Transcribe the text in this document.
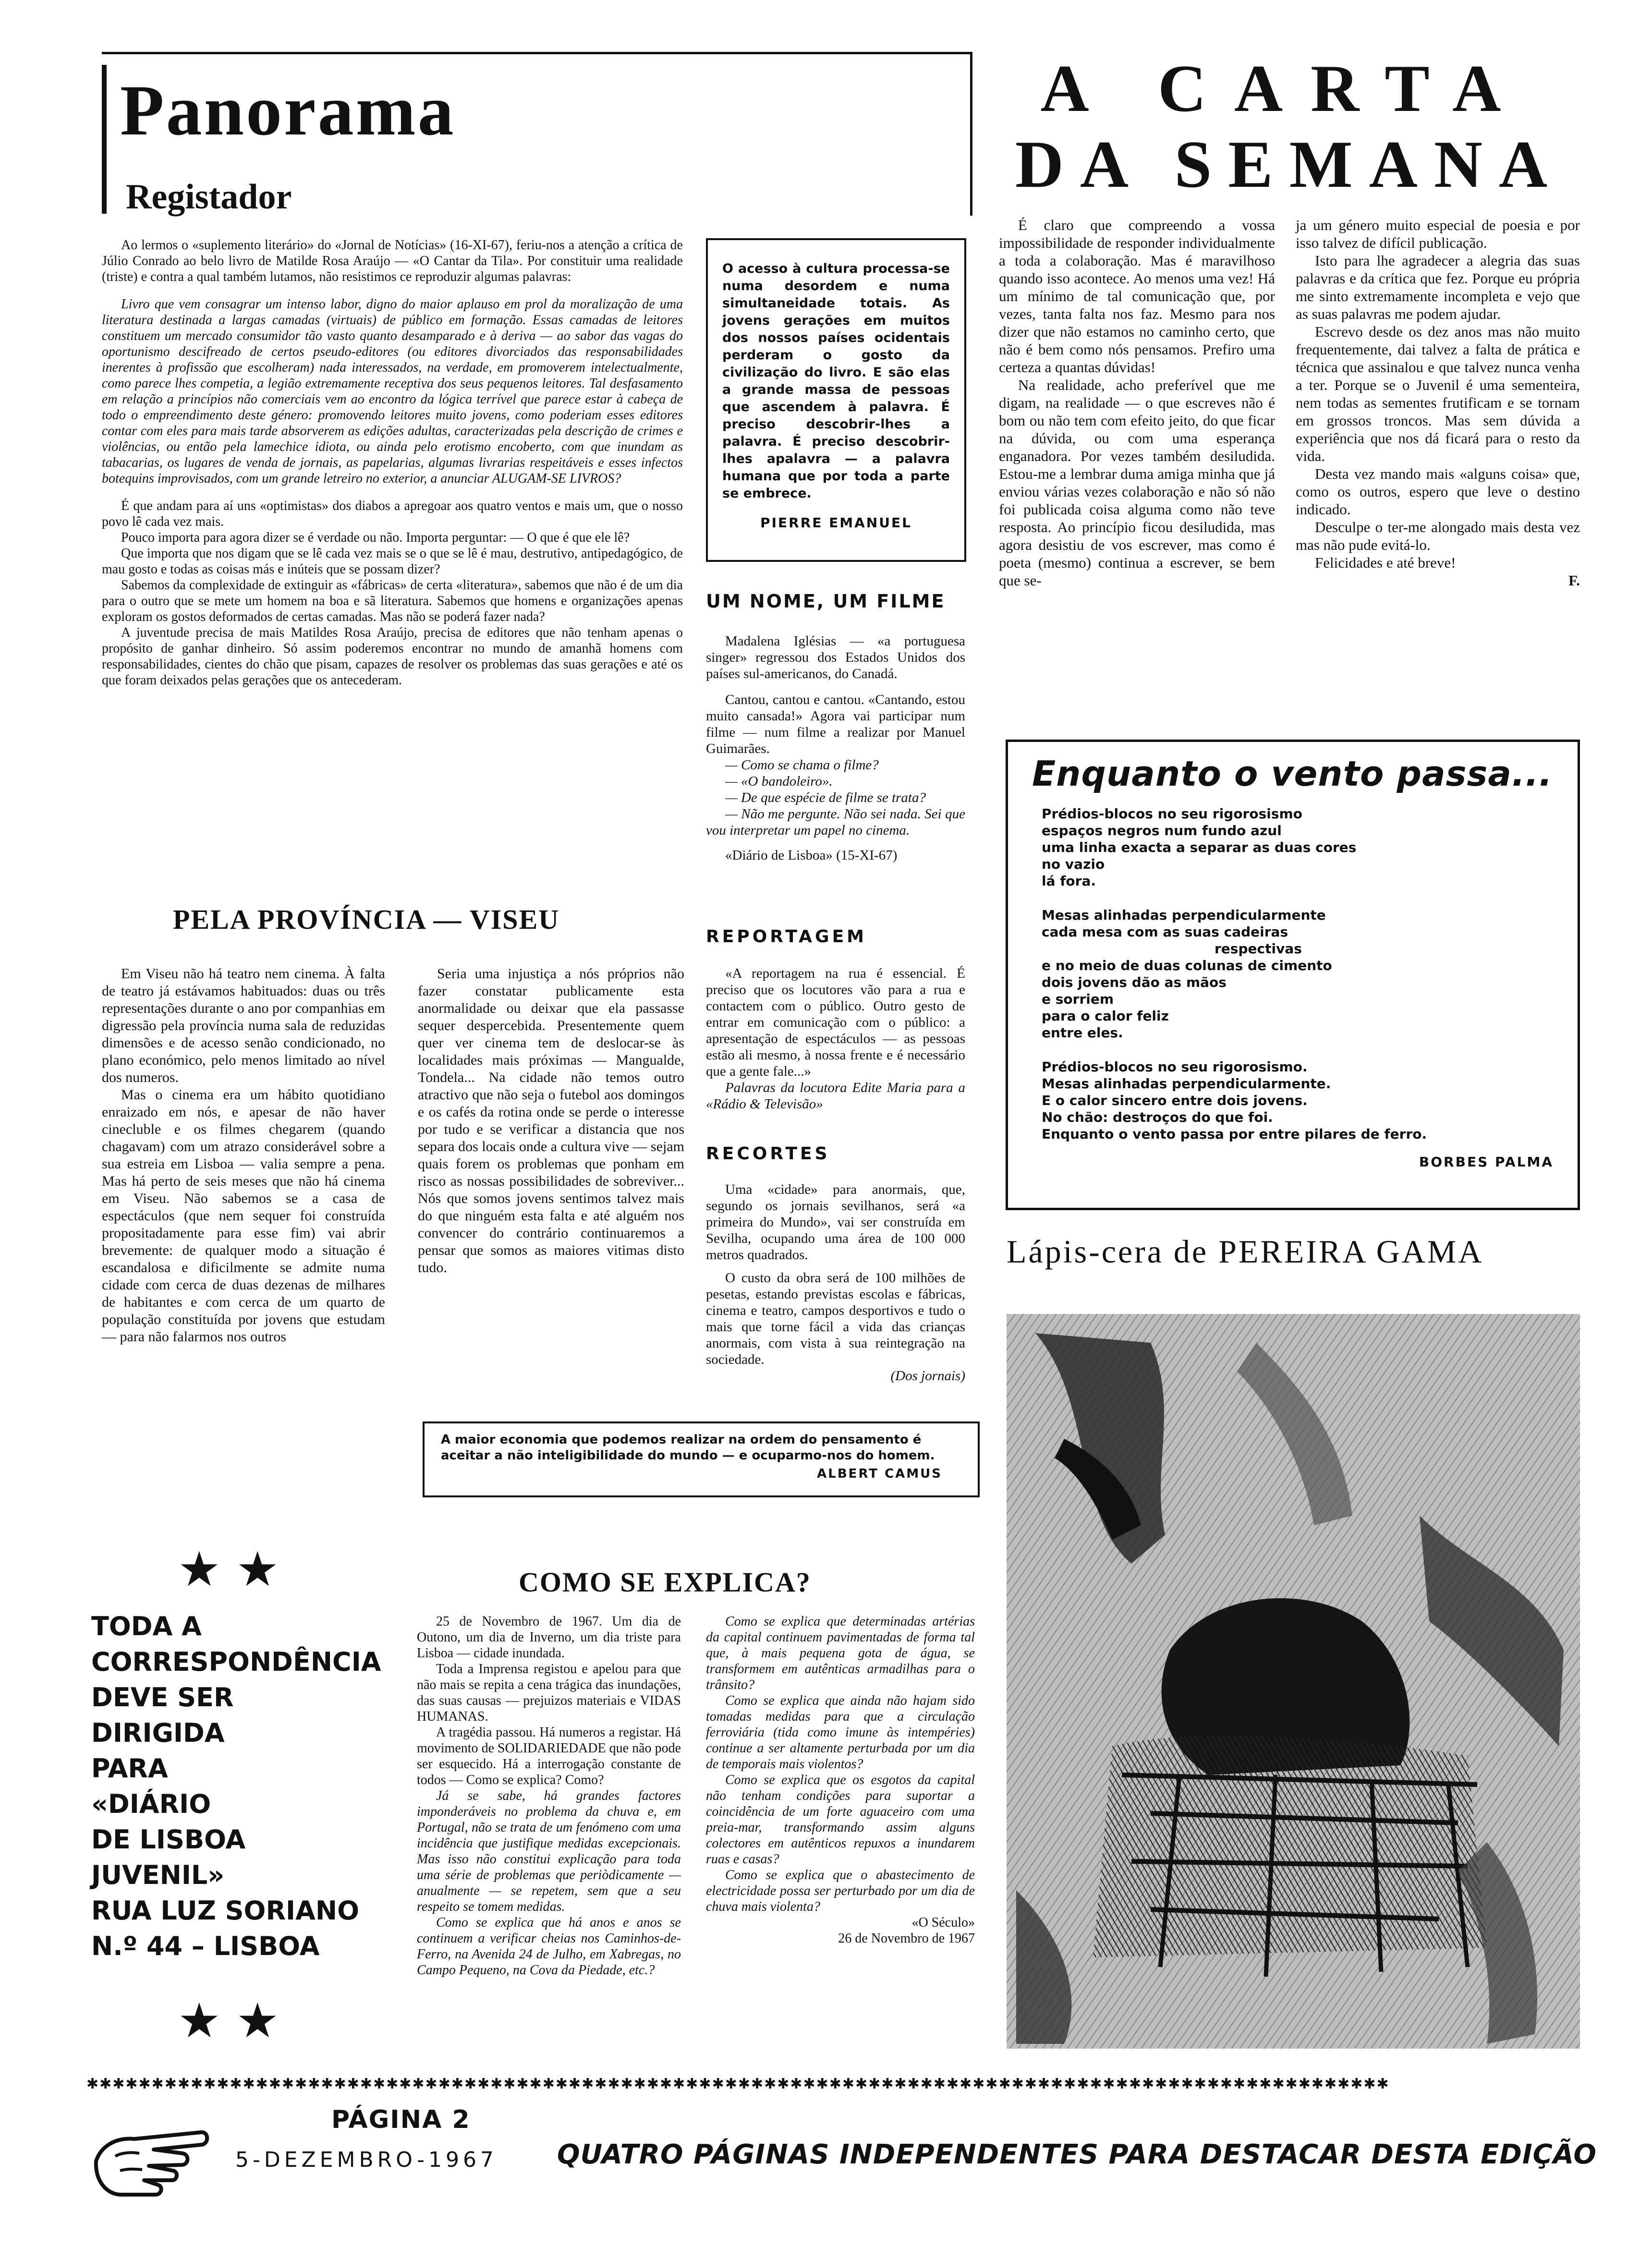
Panorama
Registador

Ao lermos o «suplemento literário» do «Jornal de Notícias» (16-XI-67), feriu-nos a atenção a crítica de Júlio Conrado ao belo livro de Matilde Rosa Araújo — «O Cantar da Tila». Por constituir uma realidade (triste) e contra a qual também lutamos, não resistimos ce reproduzir algumas palavras:

Livro que vem consagrar um intenso labor, digno do maior aplauso em prol da moralização de uma literatura destinada a largas camadas (virtuais) de público em formação. Essas camadas de leitores constituem um mercado consumidor tão vasto quanto desamparado e à deriva — ao sabor das vagas do oportunismo descifreado de certos pseudo-editores (ou editores divorciados das responsabilidades inerentes à profissão que escolheram) nada interessados, na verdade, em promoverem intelectualmente, como parece lhes competia, a legião extremamente receptiva dos seus pequenos leitores. Tal desfasamento em relação a princípios não comerciais vem ao encontro da lógica terrível que parece estar à cabeça de todo o empreendimento deste género: promovendo leitores muito jovens, como poderiam esses editores contar com eles para mais tarde absorverem as edições adultas, caracterizadas pela descrição de crimes e violências, ou então pela lamechice idiota, ou ainda pelo erotismo encoberto, com que inundam as tabacarias, os lugares de venda de jornais, as papelarias, algumas livrarias respeitáveis e esses infectos botequins improvisados, com um grande letreiro no exterior, a anunciar ALUGAM-SE LIVROS?

É que andam para aí uns «optimistas» dos diabos a apregoar aos quatro ventos e mais um, que o nosso povo lê cada vez mais.

Pouco importa para agora dizer se é verdade ou não. Importa perguntar: — O que é que ele lê?

Que importa que nos digam que se lê cada vez mais se o que se lê é mau, destrutivo, antipedagógico, de mau gosto e todas as coisas más e inúteis que se possam dizer?

Sabemos da complexidade de extinguir as «fábricas» de certa «literatura», sabemos que não é de um dia para o outro que se mete um homem na boa e sã literatura. Sabemos que homens e organizações apenas exploram os gostos deformados de certas camadas. Mas não se poderá fazer nada?

A juventude precisa de mais Matildes Rosa Araújo, precisa de editores que não tenham apenas o propósito de ganhar dinheiro. Só assim poderemos encontrar no mundo de amanhã homens com responsabilidades, cientes do chão que pisam, capazes de resolver os problemas das suas gerações e até os que foram deixados pelas gerações que os antecederam.

O acesso à cultura processa-se numa desordem e numa simultaneidade totais. As jovens gerações em muitos dos nossos países ocidentais perderam o gosto da civilização do livro. E são elas a grande massa de pessoas que ascendem à palavra. É preciso descobrir-lhes a palavra. É preciso descobrir-lhes apalavra — a palavra humana que por toda a parte se embrece.
PIERRE EMANUEL
UM NOME, UM FILME

Madalena Iglésias — «a portuguesa singer» regressou dos Estados Unidos dos países sul-americanos, do Canadá.

Cantou, cantou e cantou. «Cantando, estou muito cansada!» Agora vai participar num filme — num filme a realizar por Manuel Guimarães.

— Como se chama o filme?

— «O bandoleiro».

— De que espécie de filme se trata?

— Não me pergunte. Não sei nada. Sei que vou interpretar um papel no cinema.

«Diário de Lisboa» (15-XI-67)

REPORTAGEM

«A reportagem na rua é essencial. É preciso que os locutores vão para a rua e contactem com o público. Outro gesto de entrar em comunicação com o público: a apresentação de espectáculos — as pessoas estão ali mesmo, à nossa frente e é necessário que a gente fale...»

Palavras da locutora Edite Maria para a «Rádio & Televisão»

RECORTES

Uma «cidade» para anormais, que, segundo os jornais sevilhanos, será «a primeira do Mundo», vai ser construída em Sevilha, ocupando uma área de 100 000 metros quadrados.

O custo da obra será de 100 milhões de pesetas, estando previstas escolas e fábricas, cinema e teatro, campos desportivos e tudo o mais que torne fácil a vida das crianças anormais, com vista à sua reintegração na sociedade.

(Dos jornais)

A CARTA
DA SEMANA

É claro que compreendo a vossa impossibilidade de responder individualmente a toda a colaboração. Mas é maravilhoso quando isso acontece. Ao menos uma vez! Há um mínimo de tal comunicação que, por vezes, tanta falta nos faz. Mesmo para nos dizer que não estamos no caminho certo, que não é bem como nós pensamos. Prefiro uma certeza a quantas dúvidas!

Na realidade, acho preferível que me digam, na realidade — o que escreves não é bom ou não tem com efeito jeito, do que ficar na dúvida, ou com uma esperança enganadora. Por vezes também desiludida. Estou-me a lembrar duma amiga minha que já enviou várias vezes colaboração e não só não foi publicada coisa alguma como não teve resposta. Ao princípio ficou desiludida, mas agora desistiu de vos escrever, mas como é poeta (mesmo) continua a escrever, se bem que se-

ja um género muito especial de poesia e por isso talvez de difícil publicação.

Isto para lhe agradecer a alegria das suas palavras e da crítica que fez. Porque eu própria me sinto extremamente incompleta e vejo que as suas palavras me podem ajudar.

Escrevo desde os dez anos mas não muito frequentemente, dai talvez a falta de prática e técnica que assinalou e que talvez nunca venha a ter. Porque se o Juvenil é uma sementeira, nem todas as sementes frutificam e se tornam em grossos troncos. Mas sem dúvida a experiência que nos dá ficará para o resto da vida.

Desta vez mando mais «alguns coisa» que, como os outros, espero que leve o destino indicado.

Desculpe o ter-me alongado mais desta vez mas não pude evitá-lo.

Felicidades e até breve!

F.

Enquanto o vento passa...
Prédios-blocos no seu rigorosismo
espaços negros num fundo azul
uma linha exacta a separar as duas cores
no vazio
lá fora.
Mesas alinhadas perpendicularmente
cada mesa com as suas cadeiras
respectivas
e no meio de duas colunas de cimento
dois jovens dão as mãos
e sorriem
para o calor feliz
entre eles.
Prédios-blocos no seu rigorosismo.
Mesas alinhadas perpendicularmente.
E o calor sincero entre dois jovens.
No chão: destroços do que foi.
Enquanto o vento passa por entre pilares de ferro.
BORBES PALMA
Lápis-cera de PEREIRA GAMA
PELA PROVÍNCIA — VISEU

Em Viseu não há teatro nem cinema. À falta de teatro já estávamos habituados: duas ou três representações durante o ano por companhias em digressão pela província numa sala de reduzidas dimensões e de acesso senão condicionado, no plano económico, pelo menos limitado ao nível dos numeros.

Mas o cinema era um hábito quotidiano enraizado em nós, e apesar de não haver cinecluble e os filmes chegarem (quando chagavam) com um atrazo considerável sobre a sua estreia em Lisboa — valia sempre a pena. Mas há perto de seis meses que não há cinema em Viseu. Não sabemos se a casa de espectáculos (que nem sequer foi construída propositadamente para esse fim) vai abrir brevemente: de qualquer modo a situação é escandalosa e dificilmente se admite numa cidade com cerca de duas dezenas de milhares de habitantes e com cerca de um quarto de população constituída por jovens que estudam — para não falarmos nos outros

Seria uma injustiça a nós próprios não fazer constatar publicamente esta anormalidade ou deixar que ela passasse sequer despercebida. Presentemente quem quer ver cinema tem de deslocar-se às localidades mais próximas — Mangualde, Tondela... Na cidade não temos outro atractivo que não seja o futebol aos domingos e os cafés da rotina onde se perde o interesse por tudo e se verificar a distancia que nos separa dos locais onde a cultura vive — sejam quais forem os problemas que ponham em risco as nossas possibilidades de sobreviver... Nós que somos jovens sentimos talvez mais do que ninguém esta falta e até alguém nos convencer do contrário continuaremos a pensar que somos as maiores vitimas disto tudo.

A maior economia que podemos realizar na ordem do pensamento é aceitar a não inteligibilidade do mundo — e ocuparmo-nos do homem.
ALBERT CAMUS
★ ★
TODA A
CORRESPONDÊNCIA
DEVE SER
DIRIGIDA
PARA
«DIÁRIO
DE LISBOA
JUVENIL»
RUA LUZ SORIANO
N.º 44 – LISBOA
★ ★
COMO SE EXPLICA?

25 de Novembro de 1967. Um dia de Outono, um dia de Inverno, um dia triste para Lisboa — cidade inundada.

Toda a Imprensa registou e apelou para que não mais se repita a cena trágica das inundações, das suas causas — prejuizos materiais e VIDAS HUMANAS.

A tragédia passou. Há numeros a registar. Há movimento de SOLIDARIEDADE que não pode ser esquecido. Há a interrogação constante de todos — Como se explica? Como?

Já se sabe, há grandes factores imponderáveis no problema da chuva e, em Portugal, não se trata de um fenómeno com uma incidência que justifique medidas excepcionais. Mas isso não constitui explicação para toda uma série de problemas que periòdicamente — anualmente — se repetem, sem que a seu respeito se tomem medidas.

Como se explica que há anos e anos se continuem a verificar cheias nos Caminhos-de-Ferro, na Avenida 24 de Julho, em Xabregas, no Campo Pequeno, na Cova da Piedade, etc.?

Como se explica que determinadas artérias da capital continuem pavimentadas de forma tal que, à mais pequena gota de água, se transformem em autênticas armadilhas para o trânsito?

Como se explica que ainda não hajam sido tomadas medidas para que a circulação ferroviária (tida como imune às intempéries) continue a ser altamente perturbada por um dia de temporais mais violentos?

Como se explica que os esgotos da capital não tenham condições para suportar a coincidência de um forte aguaceiro com uma preia-mar, transformando assim alguns colectores em autênticos repuxos a inundarem ruas e casas?

Como se explica que o abastecimento de electricidade possa ser perturbado por um dia de chuva mais violenta?

«O Século»

26 de Novembro de 1967

✱✱✱✱✱✱✱✱✱✱✱✱✱✱✱✱✱✱✱✱✱✱✱✱✱✱✱✱✱✱✱✱✱✱✱✱✱✱✱✱✱✱✱✱✱✱✱✱✱✱✱✱✱✱✱✱✱✱✱✱✱✱✱✱✱✱✱✱✱✱✱✱✱✱✱✱✱✱✱✱✱✱✱✱✱✱✱✱✱✱✱✱✱✱✱✱✱✱✱✱
PÁGINA 2
5-DEZEMBRO-1967 QUATRO PÁGINAS INDEPENDENTES PARA DESTACAR DESTA EDIÇÃO
